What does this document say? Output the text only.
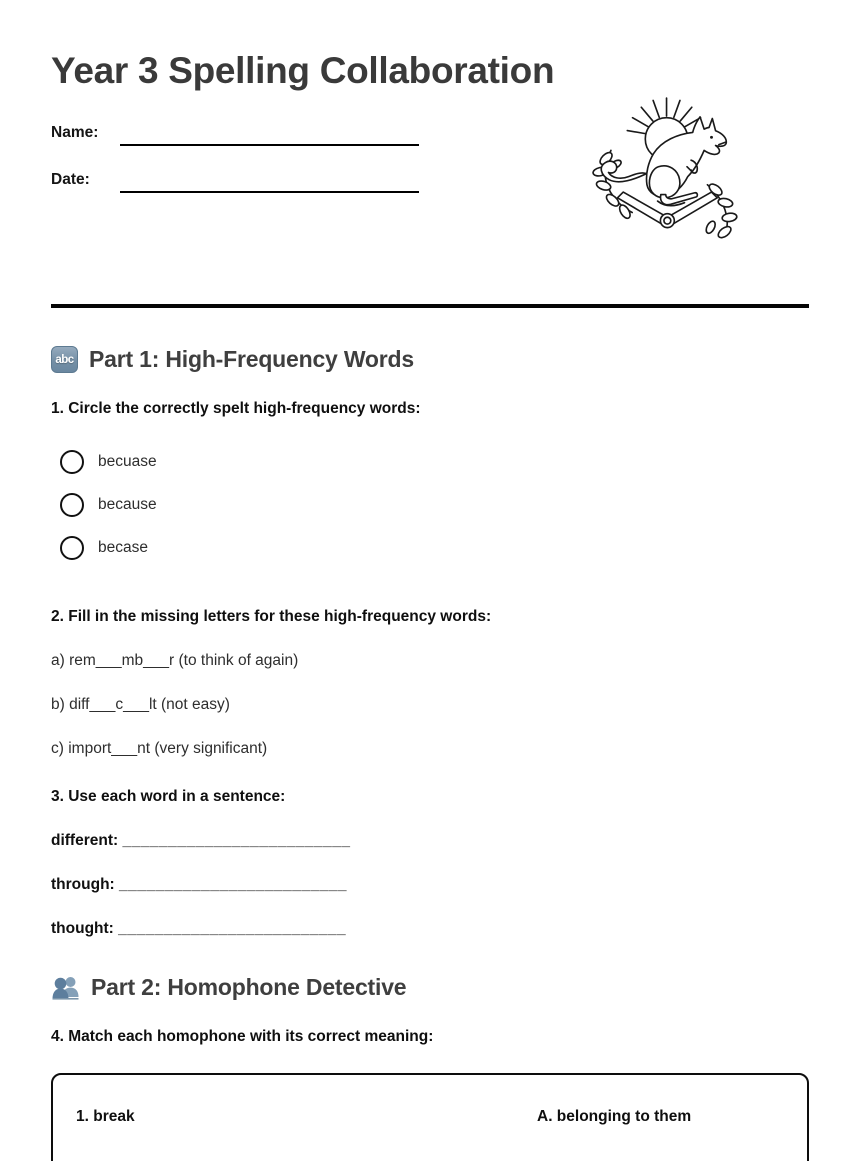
Year 3 Spelling Collaboration
Name:
Date:
abc Part 1: High-Frequency Words
1. Circle the correctly spelt high-frequency words:
becuase
because
becase
2. Fill in the missing letters for these high-frequency words:
a) rem___mb___r (to think of again)
b) diff___c___lt (not easy)
c) import___nt (very significant)
3. Use each word in a sentence:
different: _________________________
through: _________________________
thought: _________________________
Part 2: Homophone Detective
4. Match each homophone with its correct meaning:
1. break	A. belonging to them
